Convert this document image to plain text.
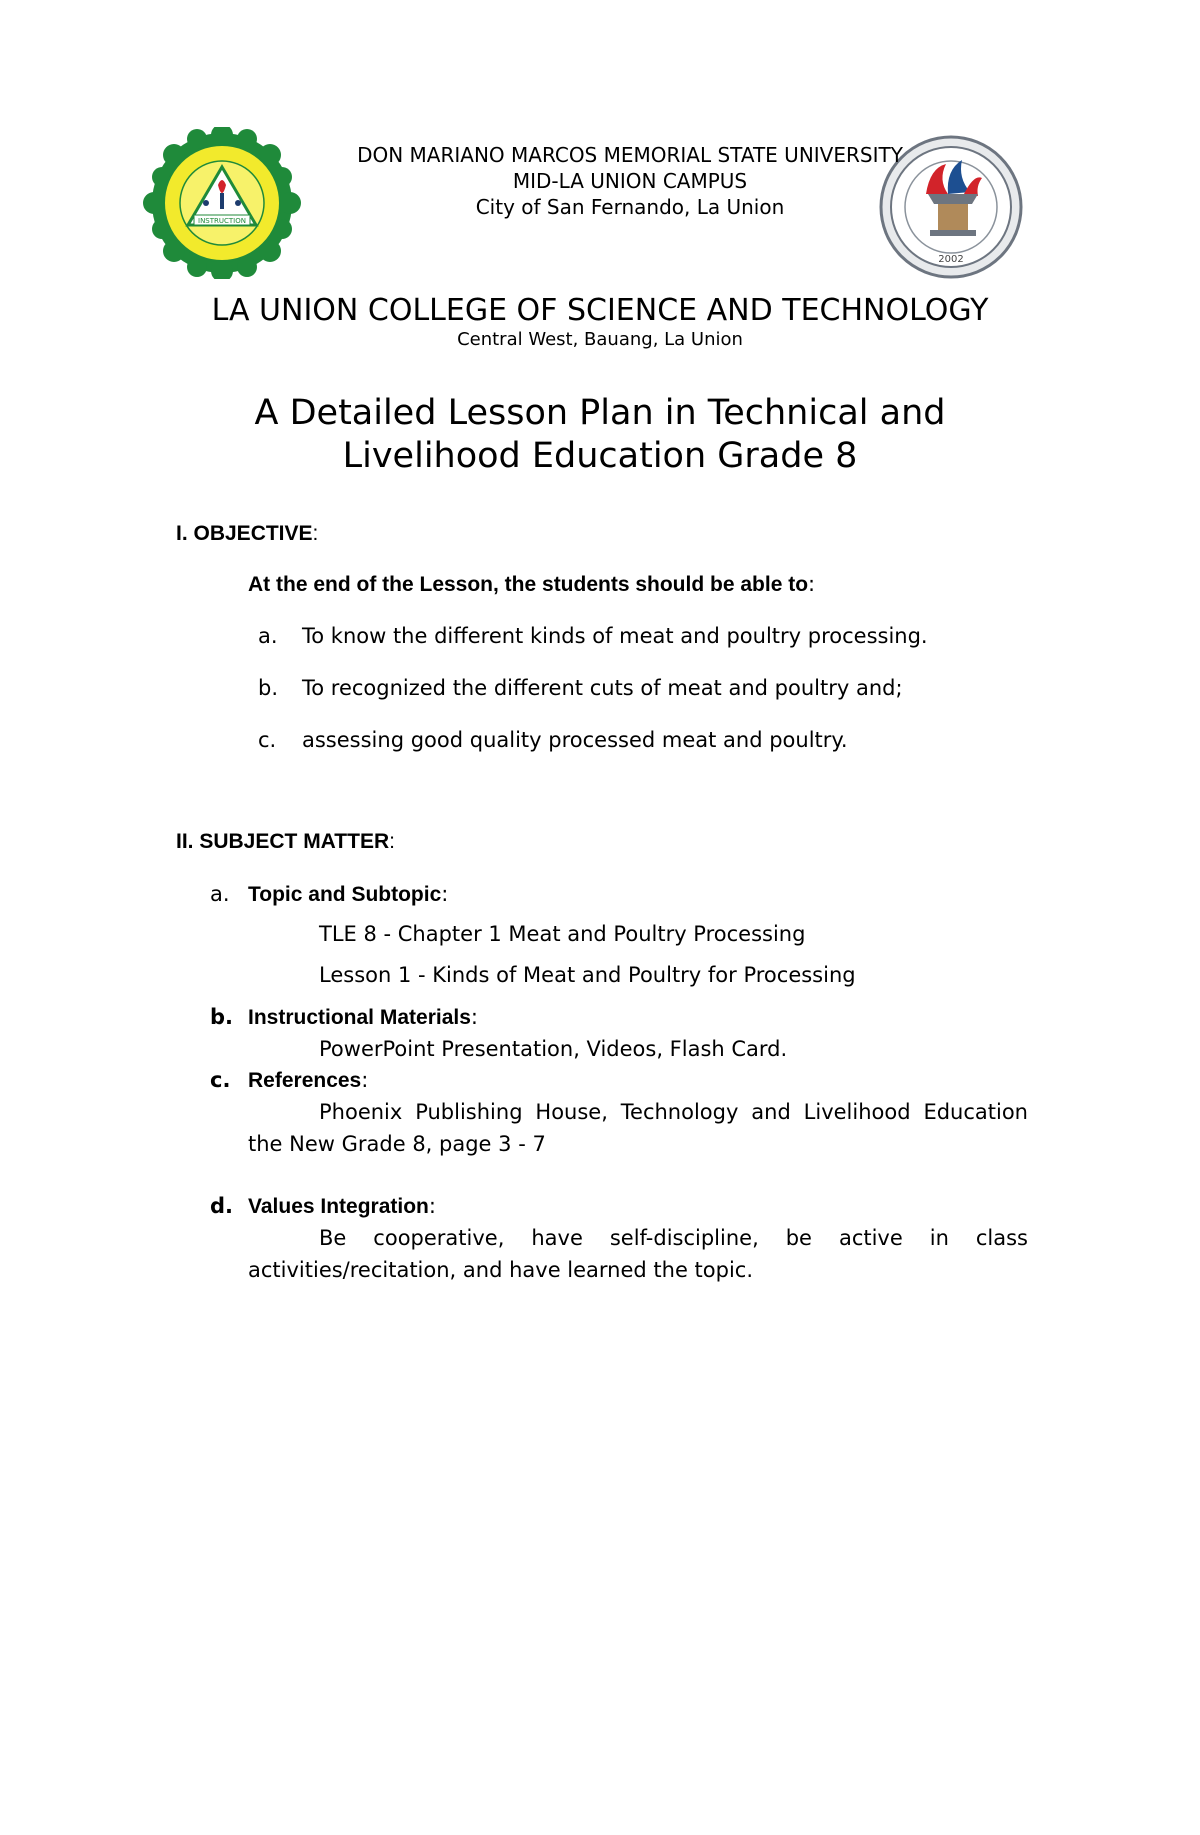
INSTRUCTION
2002
DON MARIANO MARCOS MEMORIAL STATE UNIVERSITY
MID-LA UNION CAMPUS
City of San Fernando, La Union
LA UNION COLLEGE OF SCIENCE AND TECHNOLOGY
Central West, Bauang, La Union
A Detailed Lesson Plan in Technical and
Livelihood Education Grade 8
I. OBJECTIVE:
At the end of the Lesson, the students should be able to:
a.	To know the different kinds of meat and poultry processing.
b.	To recognized the different cuts of meat and poultry and;
c.	assessing good quality processed meat and poultry.
II. SUBJECT MATTER:
a. Topic and Subtopic:
TLE 8 - Chapter 1 Meat and Poultry Processing
Lesson 1 - Kinds of Meat and Poultry for Processing
b. Instructional Materials:
PowerPoint Presentation, Videos, Flash Card.
c. References:
Phoenix Publishing House, Technology and Livelihood Education the New Grade 8, page 3 - 7
d. Values Integration:
Be cooperative, have self-discipline, be active in class activities/recitation, and have learned the topic.
